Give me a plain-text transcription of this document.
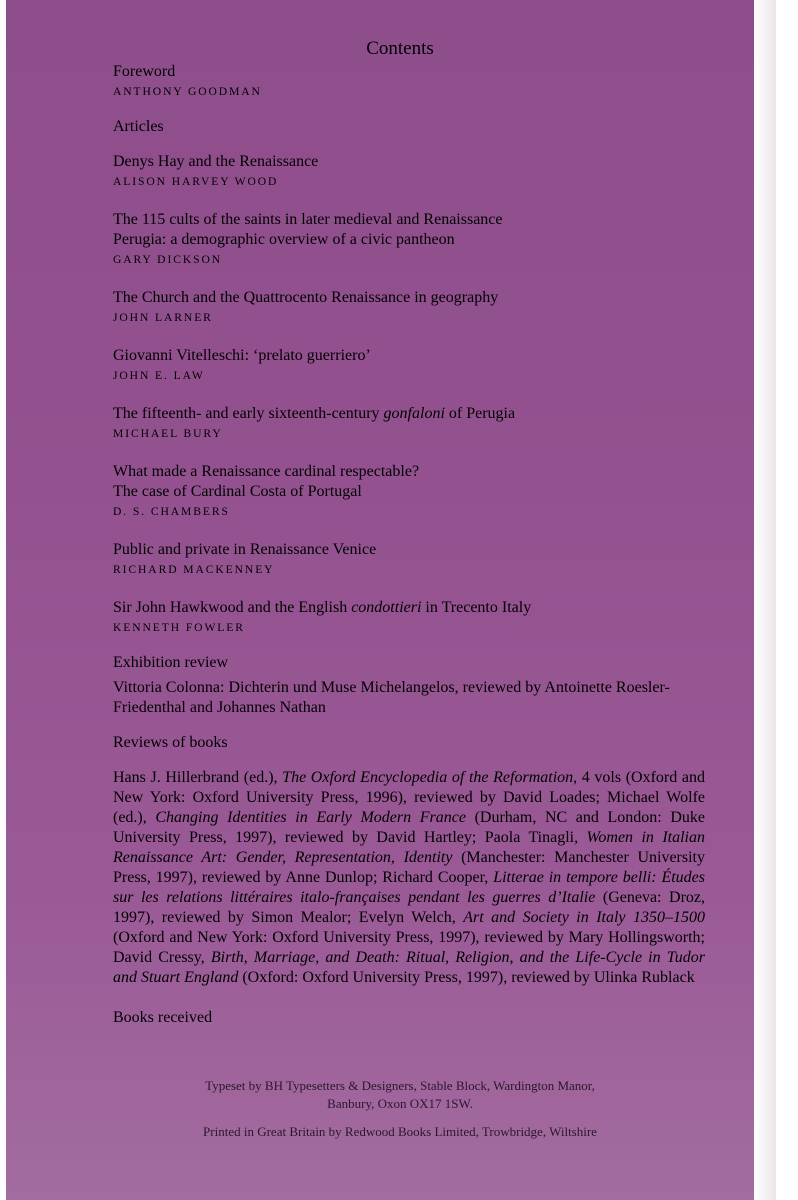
Contents

Foreword

ANTHONY GOODMAN

Articles

Denys Hay and the Renaissance

ALISON HARVEY WOOD

The 115 cults of the saints in later medieval and Renaissance

Perugia: a demographic overview of a civic pantheon

GARY DICKSON

The Church and the Quattrocento Renaissance in geography

JOHN LARNER

Giovanni Vitelleschi: ‘prelato guerriero’

JOHN E. LAW

The fifteenth- and early sixteenth-century gonfaloni of Perugia

MICHAEL BURY

What made a Renaissance cardinal respectable?

The case of Cardinal Costa of Portugal

D. S. CHAMBERS

Public and private in Renaissance Venice

RICHARD MACKENNEY

Sir John Hawkwood and the English condottieri in Trecento Italy

KENNETH FOWLER

Exhibition review

Vittoria Colonna: Dichterin und Muse Michelangelos, reviewed by Antoinette Roesler-Friedenthal and Johannes Nathan

Reviews of books

Hans J. Hillerbrand (ed.), The Oxford Encyclopedia of the Reformation, 4 vols (Oxford and New York: Oxford University Press, 1996), reviewed by David Loades; Michael Wolfe (ed.), Changing Identities in Early Modern France (Durham, NC and London: Duke University Press, 1997), reviewed by David Hartley; Paola Tinagli, Women in Italian Renaissance Art: Gender, Representation, Identity (Manchester: Manchester University Press, 1997), reviewed by Anne Dunlop; Richard Cooper, Litterae in tempore belli: Études sur les relations littéraires italo-françaises pendant les guerres d’Italie (Geneva: Droz, 1997), reviewed by Simon Mealor; Evelyn Welch, Art and Society in Italy 1350–1500 (Oxford and New York: Oxford University Press, 1997), reviewed by Mary Hollingsworth; David Cressy, Birth, Marriage, and Death: Ritual, Religion, and the Life-Cycle in Tudor and Stuart England (Oxford: Oxford University Press, 1997), reviewed by Ulinka Rublack

Books received

Typeset by BH Typesetters & Designers, Stable Block, Wardington Manor,
Banbury, Oxon OX17 1SW.
Printed in Great Britain by Redwood Books Limited, Trowbridge, Wiltshire
